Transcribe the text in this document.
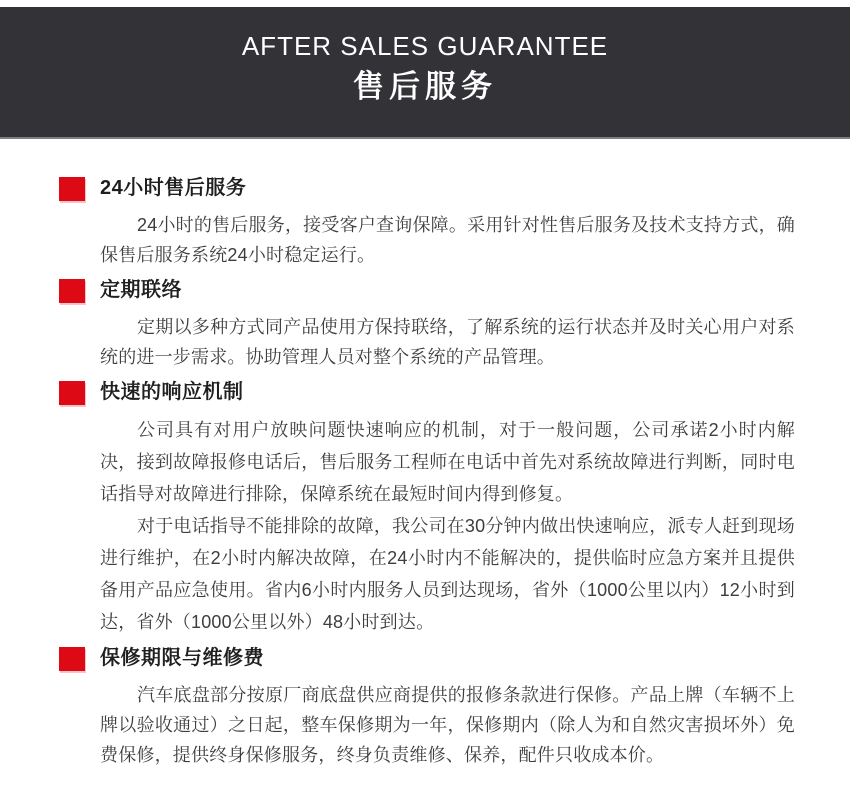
AFTER SALES GUARANTEE
售后服务
24小时售后服务

24小时的售后服务，接受客户查询保障。采用针对性售后服务及技术支持方式，确保售后服务系统24小时稳定运行。

定期联络

定期以多种方式同产品使用方保持联络，了解系统的运行状态并及时关心用户对系统的进一步需求。协助管理人员对整个系统的产品管理。

快速的响应机制

公司具有对用户放映问题快速响应的机制，对于一般问题，公司承诺2小时内解决，接到故障报修电话后，售后服务工程师在电话中首先对系统故障进行判断，同时电话指导对故障进行排除，保障系统在最短时间内得到修复。

对于电话指导不能排除的故障，我公司在30分钟内做出快速响应，派专人赶到现场进行维护，在2小时内解决故障，在24小时内不能解决的，提供临时应急方案并且提供备用产品应急使用。省内6小时内服务人员到达现场，省外（1000公里以内）12小时到达，省外（1000公里以外）48小时到达。

保修期限与维修费

汽车底盘部分按原厂商底盘供应商提供的报修条款进行保修。产品上牌（车辆不上牌以验收通过）之日起，整车保修期为一年，保修期内（除人为和自然灾害损坏外）免费保修，提供终身保修服务，终身负责维修、保养，配件只收成本价。
